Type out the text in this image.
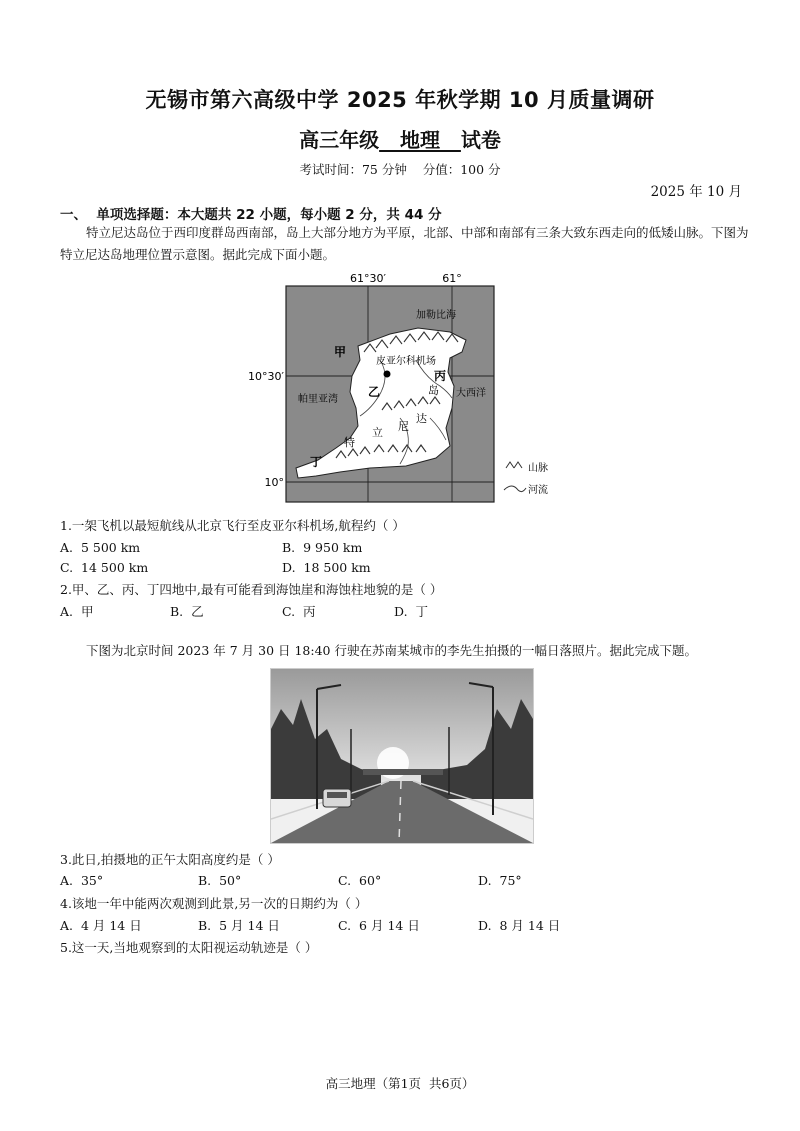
无锡市第六高级中学 2025 年秋学期 10 月质量调研
高三年级 地理 试卷
考试时间：75 分钟    分值：100 分
2025 年 10 月
一、  单项选择题：本大题共 22 小题，每小题 2 分，共 44 分
特立尼达岛位于西印度群岛西南部，岛上大部分地方为平原，北部、中部和南部有三条大致东西走向的低矮山脉。下图为特立尼达岛地理位置示意图。据此完成下面小题。
61°30′	61°
10°30′
10°
加勒比海
帕里亚湾
大西洋
皮亚尔科机场
甲
乙
丙
丁
特
立 尼
达
岛
山脉
河流
1.一架飞机以最短航线从北京飞行至皮亚尔科机场,航程约（ ）
A.  5 500 km	B.  9 950 km
C.  14 500 km	D.  18 500 km
2.甲、乙、丙、丁四地中,最有可能看到海蚀崖和海蚀柱地貌的是（ ）
A.  甲	B.  乙	C.  丙	D.  丁
下图为北京时间 2023 年 7 月 30 日 18:40 行驶在苏南某城市的李先生拍摄的一幅日落照片。据此完成下题。
3.此日,拍摄地的正午太阳高度约是（ ）
A.  35°	B.  50°	C.  60°	D.  75°
4.该地一年中能两次观测到此景,另一次的日期约为（ ）
A.  4 月 14 日	B.  5 月 14 日	C.  6 月 14 日	D.  8 月 14 日
5.这一天,当地观察到的太阳视运动轨迹是（ ）
高三地理（第1页  共6页）
